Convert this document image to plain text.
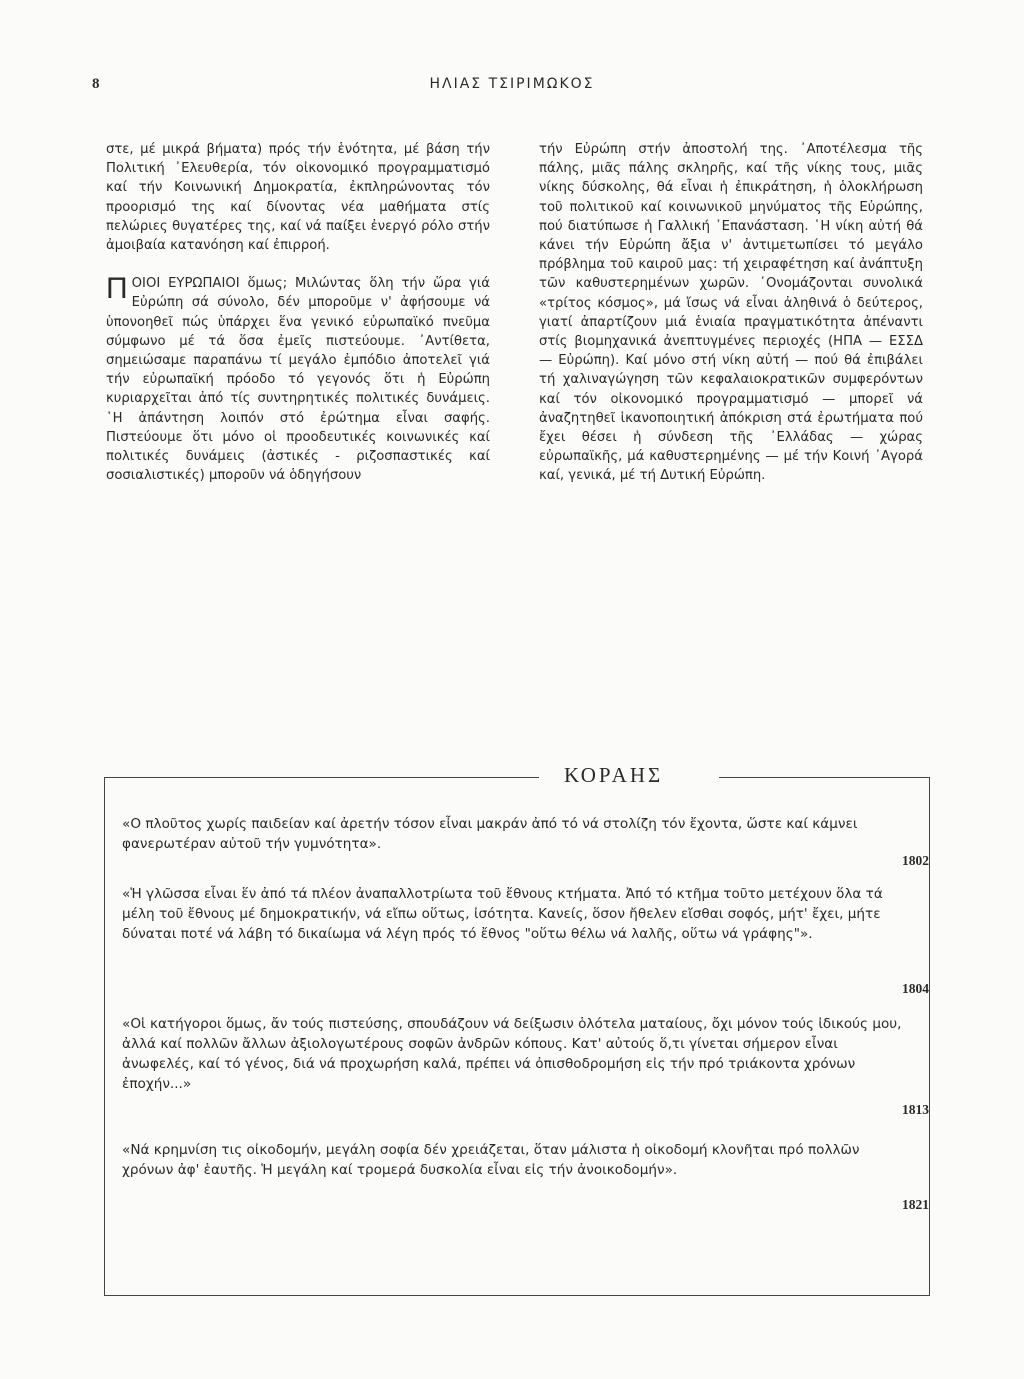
8	ΗΛΙΑΣ ΤΣΙΡΙΜΩΚΟΣ

στε, μέ μικρά βήματα) πρός τήν ἑνότητα, μέ βάση τήν Πολιτική ᾿Ελευθερία, τόν οἰκονομικό προγραμματισμό καί τήν Κοινωνική Δημοκρατία, ἐκπληρώνοντας τόν προορισμό της καί δίνοντας νέα μαθήματα στίς πελώριες θυγατέρες της, καί νά παίξει ἐνεργό ρόλο στήν ἀμοιβαία κατανόηση καί ἐπιρροή.

ΠΟΙΟΙ ΕΥΡΩΠΑΙΟΙ ὅμως; Μιλώντας ὅλη τήν ὥρα γιά Εὐρώπη σά σύνολο, δέν μποροῦμε ν' ἀφήσουμε νά ὑπονοηθεῖ πώς ὑπάρχει ἕνα γενικό εὐρωπαϊκό πνεῦμα σύμφωνο μέ τά ὅσα ἐμεῖς πιστεύουμε. ᾿Αντίθετα, σημειώσαμε παραπάνω τί μεγάλο ἐμπόδιο ἀποτελεῖ γιά τήν εὐρωπαϊκή πρόοδο τό γεγονός ὅτι ἡ Εὐρώπη κυριαρχεῖται ἀπό τίς συντηρητικές πολιτικές δυνάμεις. ῾Η ἀπάντηση λοιπόν στό ἐρώτημα εἶναι σαφής. Πιστεύουμε ὅτι μόνο οἱ προοδευτικές κοινωνικές καί πολιτικές δυνάμεις (ἀστικές - ριζοσπαστικές καί σοσιαλιστικές) μποροῦν νά ὁδηγήσουν

τήν Εὐρώπη στήν ἀποστολή της. ᾿Αποτέλεσμα τῆς πάλης, μιᾶς πάλης σκληρῆς, καί τῆς νίκης τους, μιᾶς νίκης δύσκολης, θά εἶναι ἡ ἐπικράτηση, ἡ ὁλοκλήρωση τοῦ πολιτικοῦ καί κοινωνικοῦ μηνύματος τῆς Εὐρώπης, πού διατύπωσε ἡ Γαλλική ᾿Επανάσταση. ῾Η νίκη αὐτή θά κάνει τήν Εὐρώπη ἄξια ν' ἀντιμετωπίσει τό μεγάλο πρόβλημα τοῦ καιροῦ μας: τή χειραφέτηση καί ἀνάπτυξη τῶν καθυστερημένων χωρῶν. ᾿Ονομάζονται συνολικά «τρίτος κόσμος», μά ἴσως νά εἶναι ἀληθινά ὁ δεύτερος, γιατί ἀπαρτίζουν μιά ἑνιαία πραγματικότητα ἀπέναντι στίς βιομηχανικά ἀνεπτυγμένες περιοχές (ΗΠΑ — ΕΣΣΔ — Εὐρώπη). Καί μόνο στή νίκη αὐτή — πού θά ἐπιβάλει τή χαλιναγώγηση τῶν κεφαλαιοκρατικῶν συμφερόντων καί τόν οἰκονομικό προγραμματισμό — μπορεῖ νά ἀναζητηθεῖ ἱκανοποιητική ἀπόκριση στά ἐρωτήματα πού ἔχει θέσει ἡ σύνδεση τῆς ᾿Ελλάδας — χώρας εὐρωπαϊκῆς, μά καθυστερημένης — μέ τήν Κοινή ᾿Αγορά καί, γενικά, μέ τή Δυτική Εὐρώπη.

ΚΟΡΑΗΣ
«Ο πλοῦτος χωρίς παιδείαν καί ἀρετήν τόσον εἶναι μακράν ἀπό τό νά στολίζη τόν ἔχοντα, ὥστε καί κάμνει φανερωτέραν αὐτοῦ τήν γυμνότητα».
1802
«Ἡ γλῶσσα εἶναι ἕν ἀπό τά πλέον ἀναπαλλοτρίωτα τοῦ ἔθνους κτήματα. Ἀπό τό κτῆμα τοῦτο μετέχουν ὅλα τά μέλη τοῦ ἔθνους μέ δημοκρατικήν, νά εἴπω οὕτως, ἰσότητα. Κανείς, ὅσον ἤθελεν εἴσθαι σοφός, μήτ' ἔχει, μήτε δύναται ποτέ νά λάβη τό δικαίωμα νά λέγη πρός τό ἔθνος "οὕτω θέλω νά λαλῆς, οὕτω νά γράφης"».
1804
«Οἱ κατήγοροι ὅμως, ἄν τούς πιστεύσης, σπουδάζουν νά δείξωσιν ὁλότελα ματαίους, ὄχι μόνον τούς ἰδικούς μου, ἀλλά καί πολλῶν ἄλλων ἀξιολογωτέρους σοφῶν ἀνδρῶν κόπους. Κατ' αὐτούς ὅ,τι γίνεται σήμερον εἶναι ἀνωφελές, καί τό γένος, διά νά προχωρήση καλά, πρέπει νά ὀπισθοδρομήση εἰς τήν πρό τριάκοντα χρόνων ἐποχήν...»
1813
«Νά κρημνίση τις οἰκοδομήν, μεγάλη σοφία δέν χρειάζεται, ὅταν μάλιστα ἡ οἰκοδομή κλονῆται πρό πολλῶν χρόνων ἀφ' ἑαυτῆς. Ἡ μεγάλη καί τρομερά δυσκολία εἶναι εἰς τήν ἀνοικοδομήν».
1821
